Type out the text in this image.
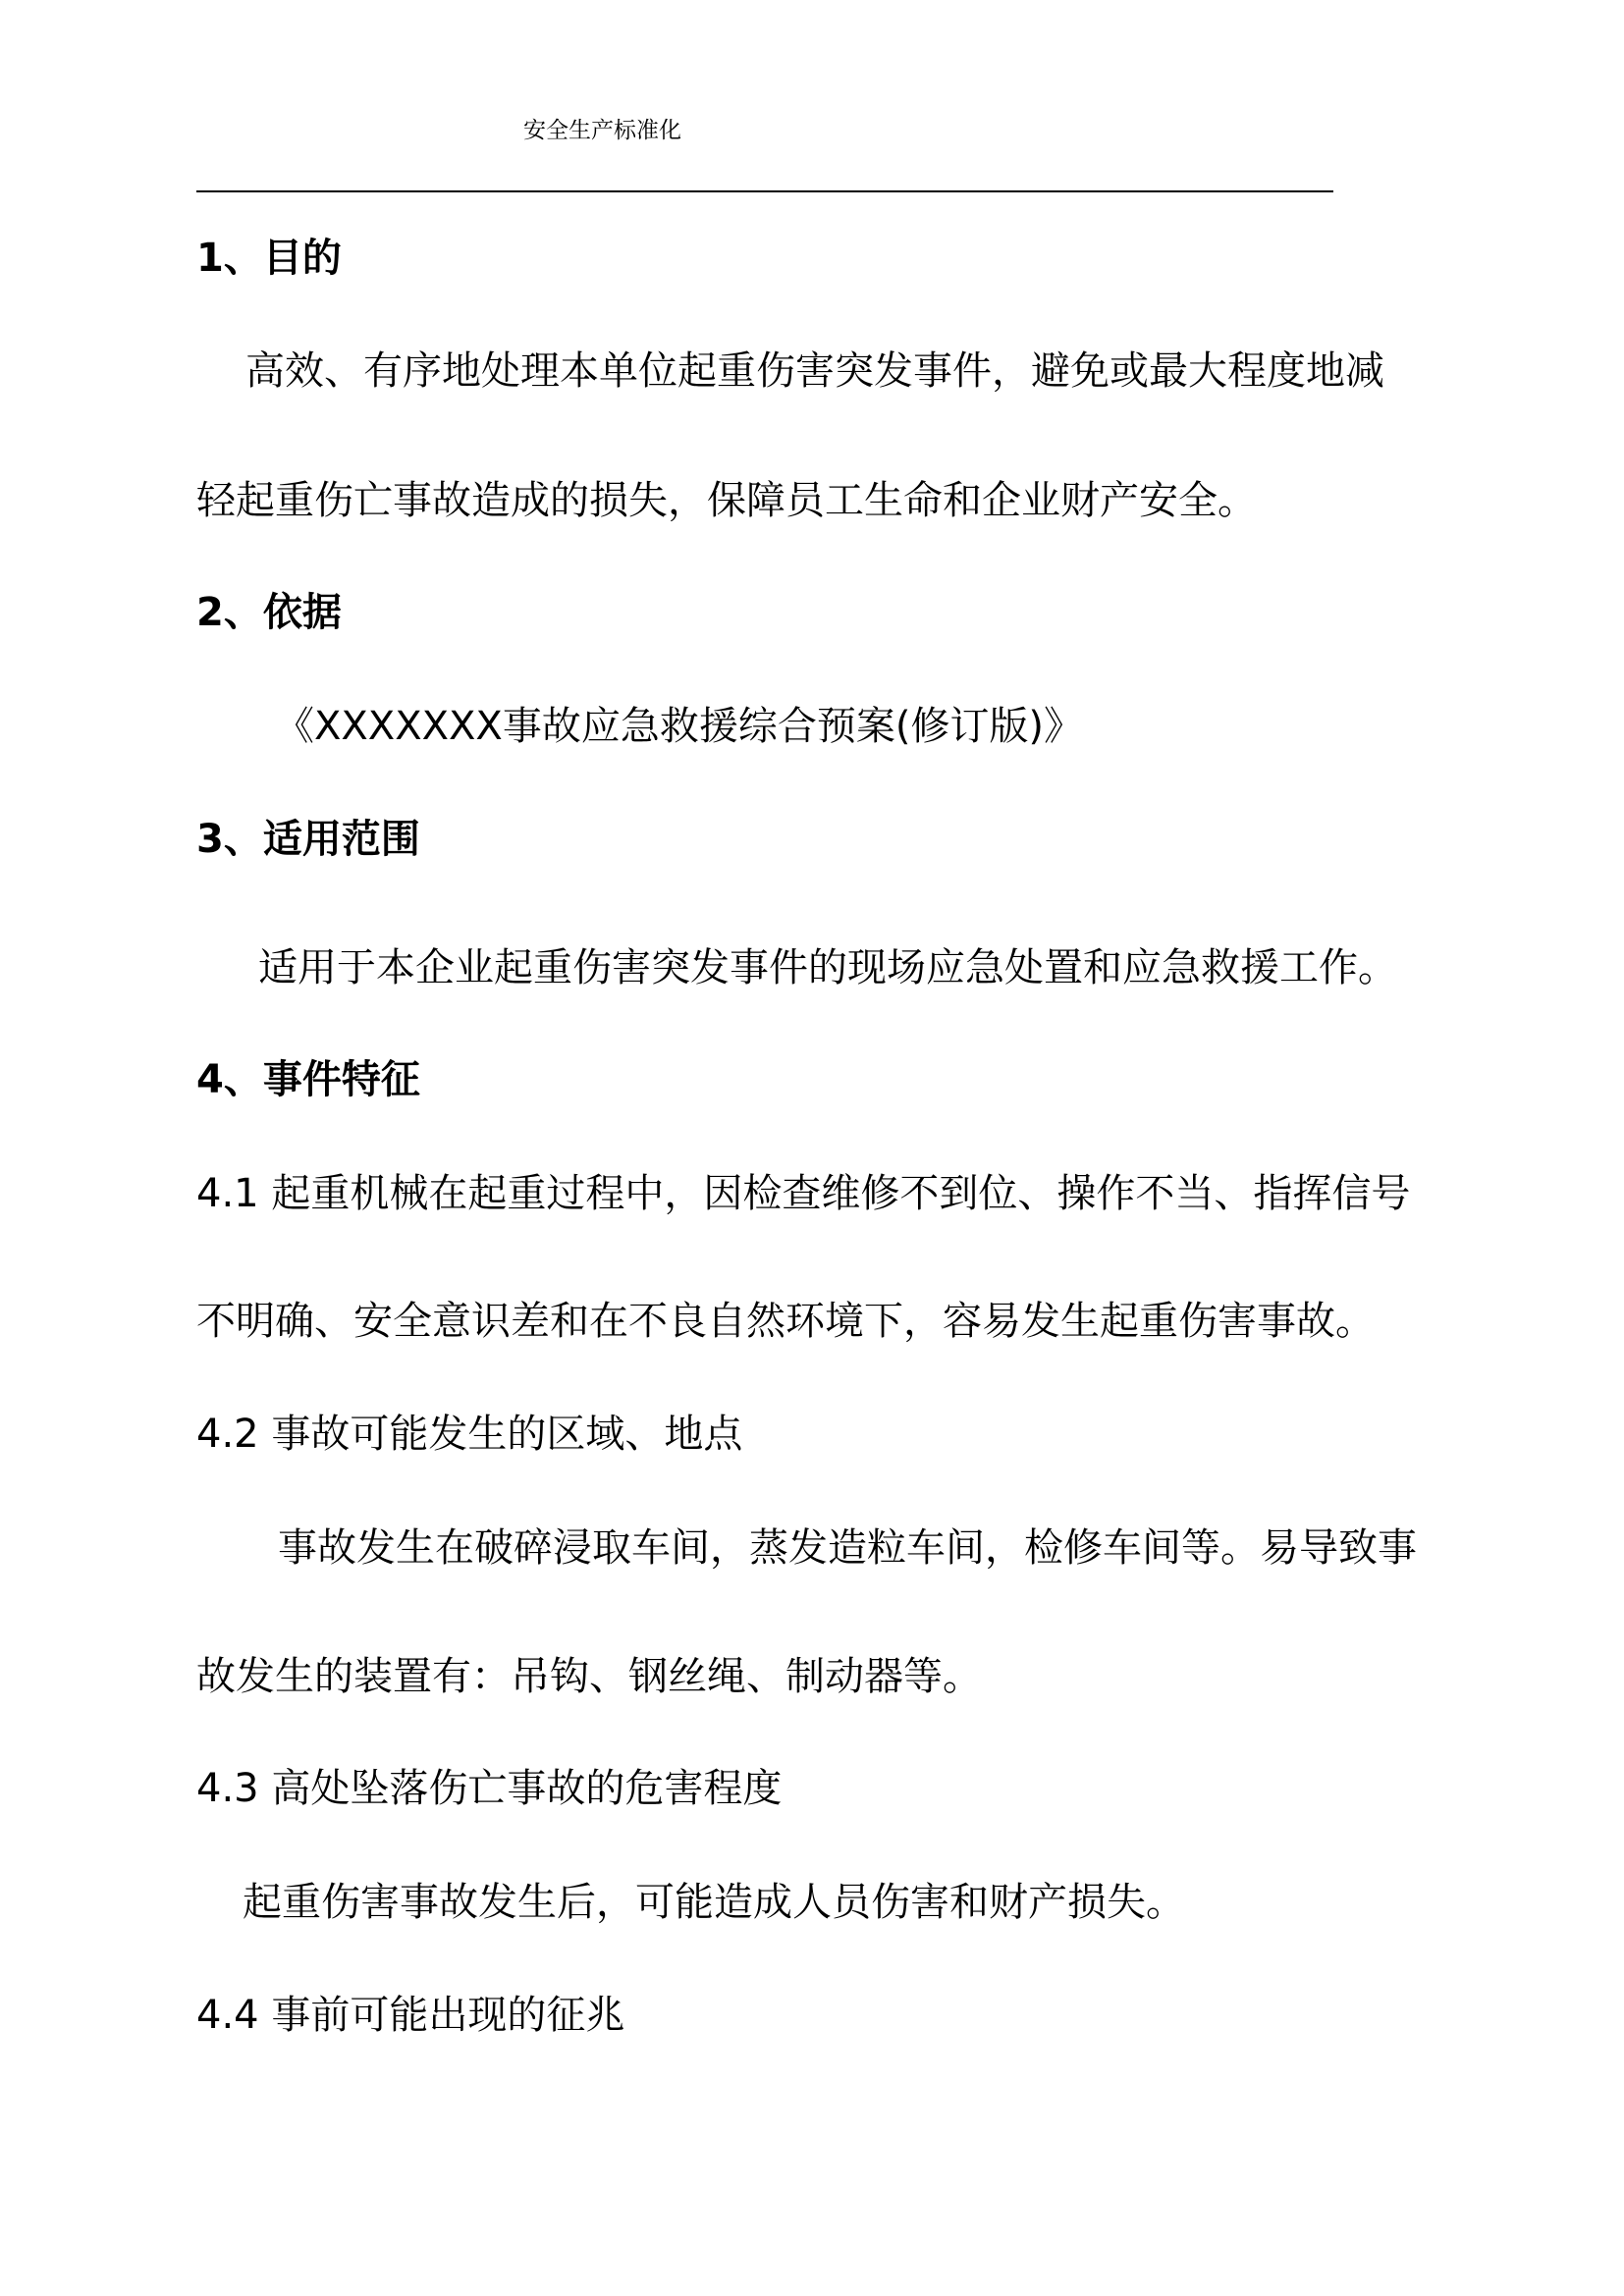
安全生产标准化
1、目的
高效、有序地处理本单位起重伤害突发事件，避免或最大程度地减
轻起重伤亡事故造成的损失，保障员工生命和企业财产安全。
2、依据
《XXXXXXX事故应急救援综合预案(修订版)》
3、适用范围
适用于本企业起重伤害突发事件的现场应急处置和应急救援工作。
4、事件特征
4.1 起重机械在起重过程中，因检查维修不到位、操作不当、指挥信号
不明确、安全意识差和在不良自然环境下，容易发生起重伤害事故。
4.2 事故可能发生的区域、地点
事故发生在破碎浸取车间，蒸发造粒车间，检修车间等。易导致事
故发生的装置有：吊钩、钢丝绳、制动器等。
4.3 高处坠落伤亡事故的危害程度
起重伤害事故发生后，可能造成人员伤害和财产损失。
4.4 事前可能出现的征兆
